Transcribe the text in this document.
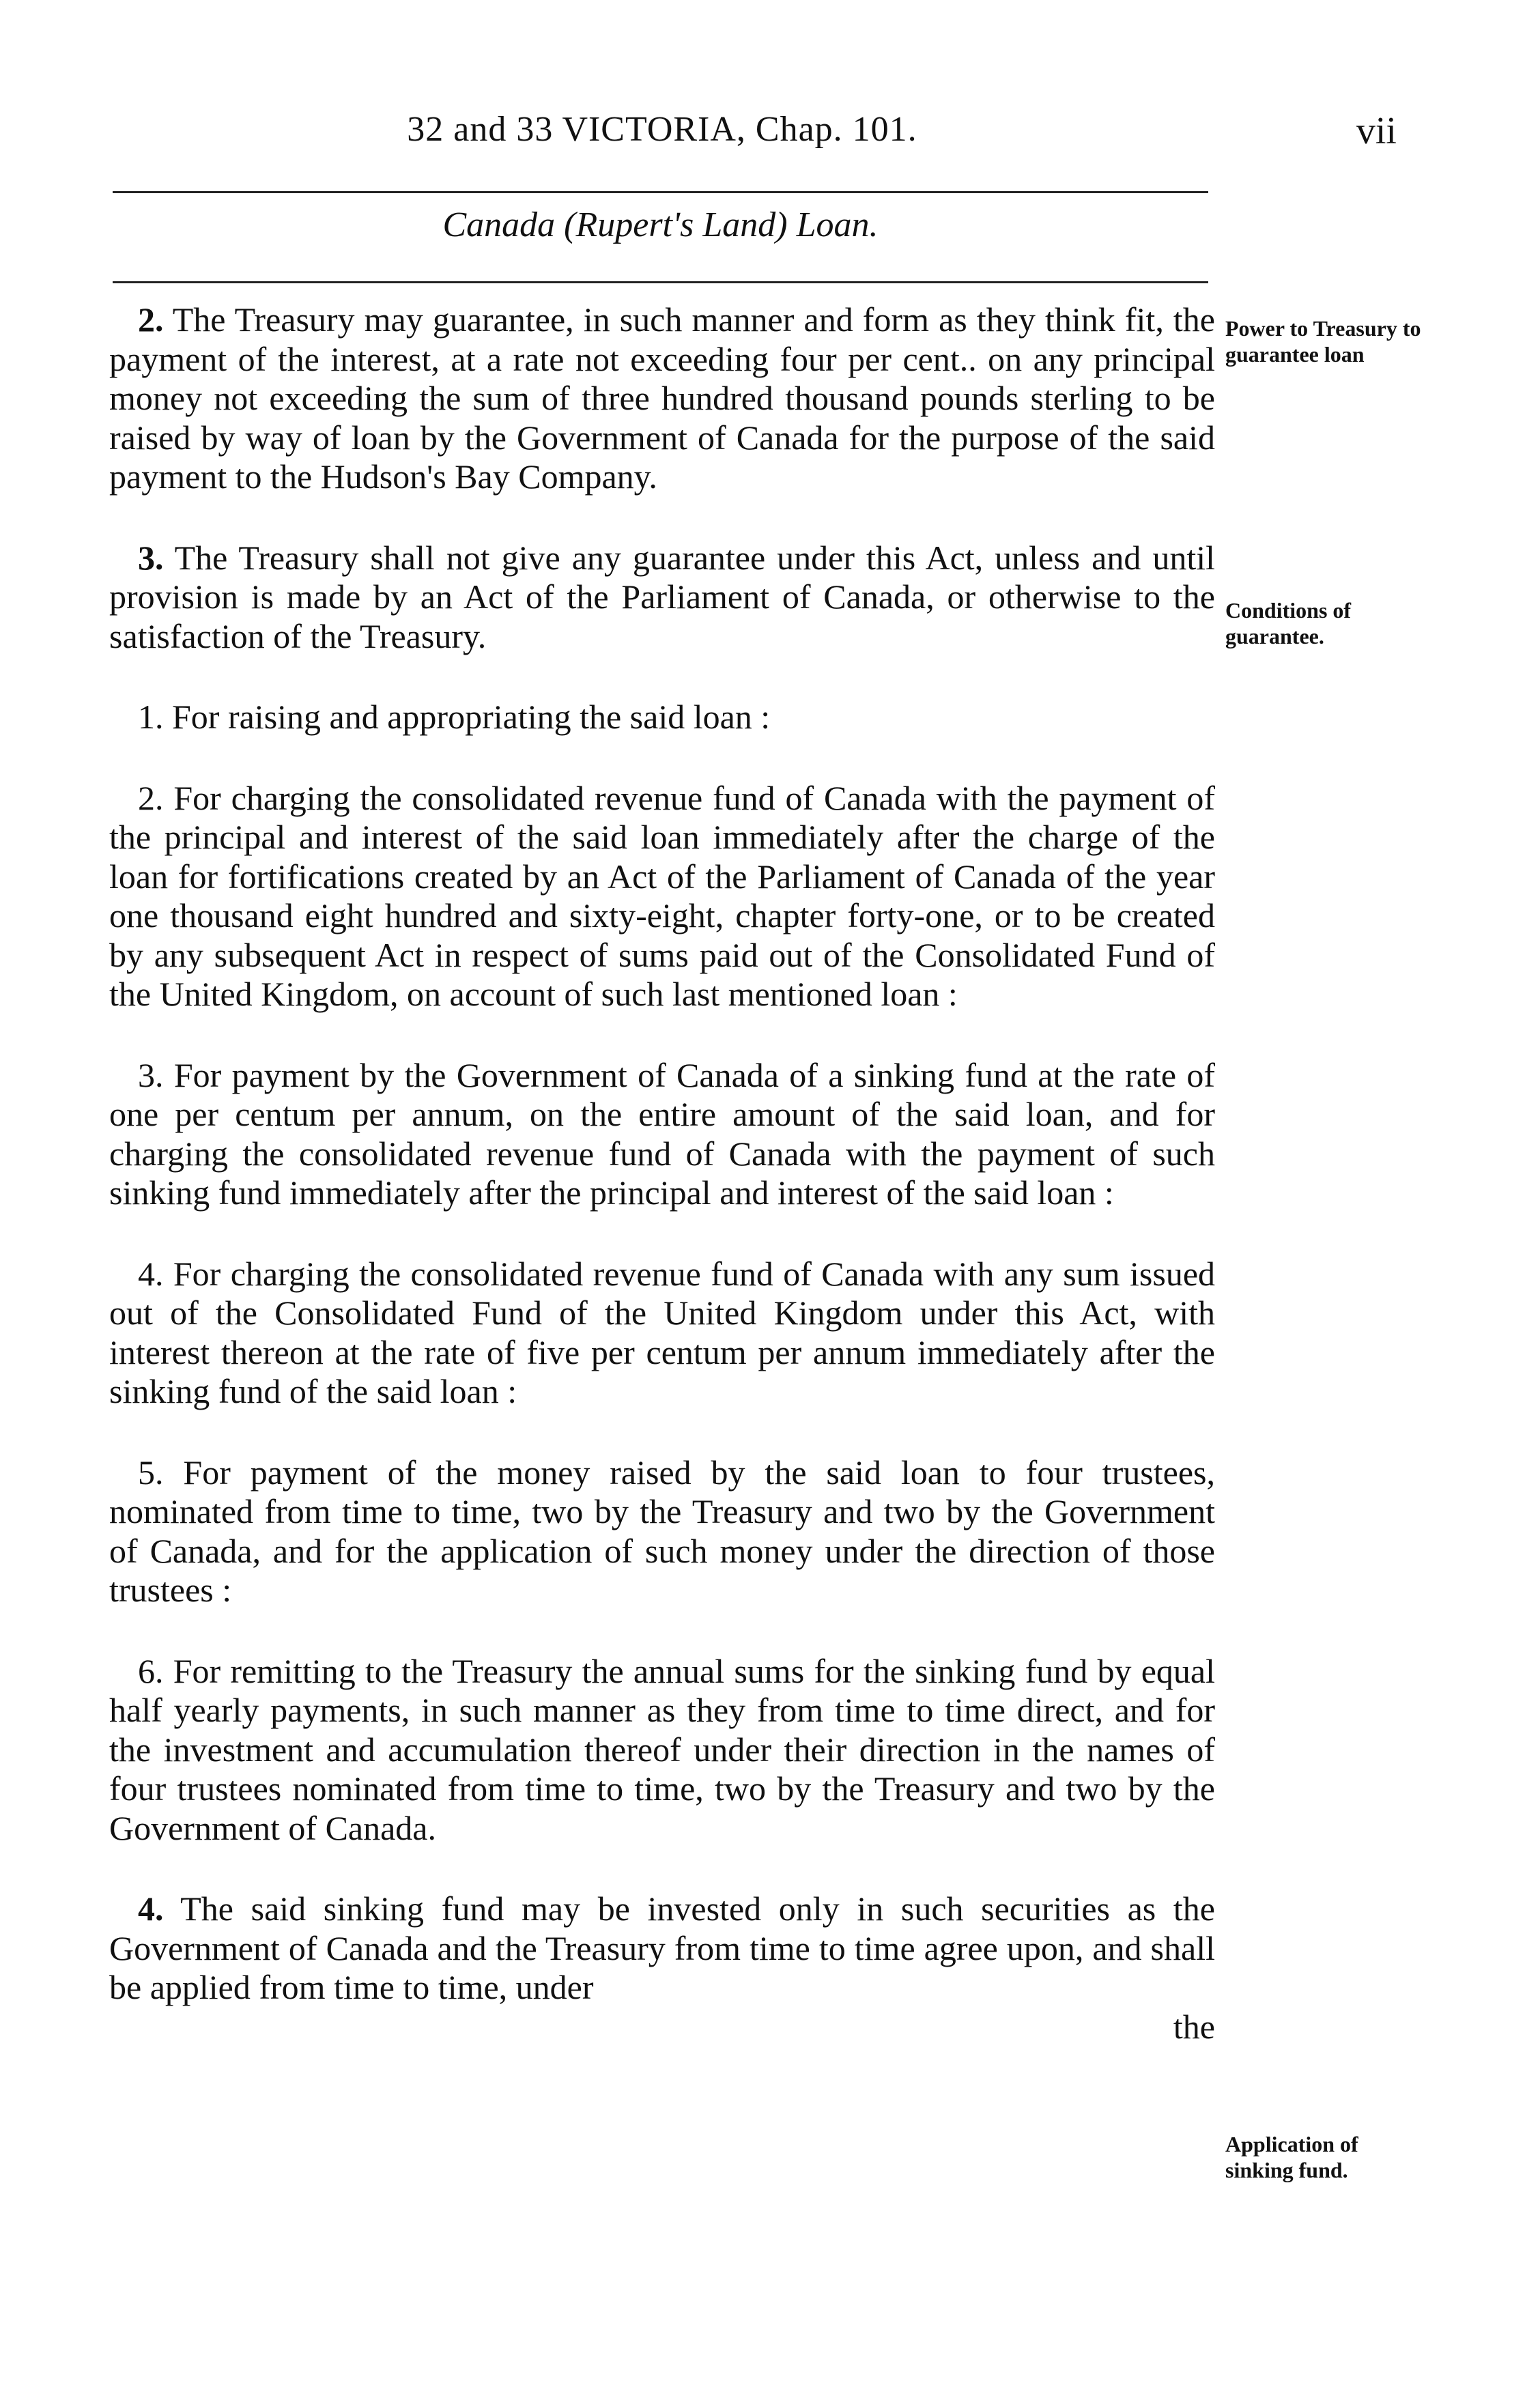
32 and 33 VICTORIA, Chap. 101.	vii
Canada (Rupert's Land) Loan.
Power to Treasury to guarantee loan
Conditions of guarantee.
Application of sinking fund.

2. The Treasury may guarantee, in such manner and form as they think fit, the payment of the interest, at a rate not exceeding four per cent.. on any principal money not exceeding the sum of three hundred thousand pounds sterling to be raised by way of loan by the Government of Canada for the purpose of the said payment to the Hudson's Bay Company.

3. The Treasury shall not give any guarantee under this Act, unless and until provision is made by an Act of the Parliament of Canada, or otherwise to the satisfaction of the Treasury.

1. For raising and appropriating the said loan :

2. For charging the consolidated revenue fund of Canada with the payment of the principal and interest of the said loan immediately after the charge of the loan for fortifications created by an Act of the Parliament of Canada of the year one thousand eight hundred and sixty-eight, chapter forty-one, or to be created by any subsequent Act in respect of sums paid out of the Consolidated Fund of the United Kingdom, on account of such last mentioned loan :

3. For payment by the Government of Canada of a sinking fund at the rate of one per centum per annum, on the entire amount of the said loan, and for charging the consolidated revenue fund of Canada with the payment of such sinking fund immediately after the principal and interest of the said loan :

4. For charging the consolidated revenue fund of Canada with any sum issued out of the Consolidated Fund of the United Kingdom under this Act, with interest thereon at the rate of five per centum per annum immediately after the sinking fund of the said loan :

5. For payment of the money raised by the said loan to four trustees, nominated from time to time, two by the Treasury and two by the Government of Canada, and for the application of such money under the direction of those trustees :

6. For remitting to the Treasury the annual sums for the sinking fund by equal half yearly payments, in such manner as they from time to time direct, and for the investment and accumulation thereof under their direction in the names of four trustees nominated from time to time, two by the Treasury and two by the Government of Canada.

4. The said sinking fund may be invested only in such securities as the Government of Canada and the Treasury from time to time agree upon, and shall be applied from time to time, under

the
